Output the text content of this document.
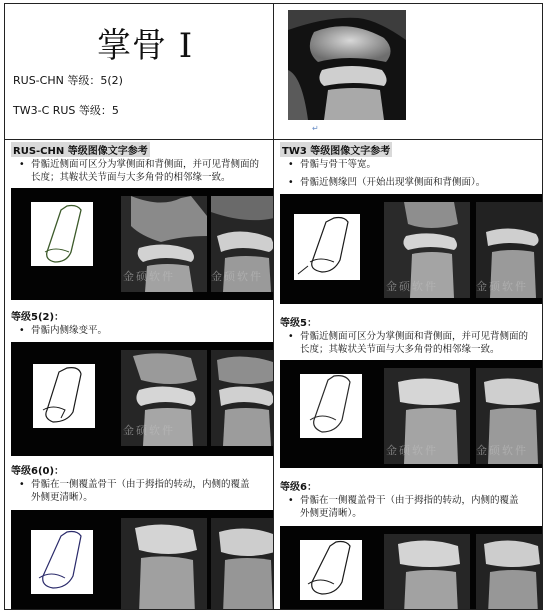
掌骨 I
RUS-CHN 等级：5(2)
TW3-C RUS 等级：5
↵
RUS-CHN 等级图像文字参考
• 骨骺近侧面可区分为掌侧面和背侧面，并可见背侧面的
长度；其鞍状关节面与大多角骨的相邻缘一致。
金硕软件	金硕软件
等级5(2)：
• 骨骺内侧缘变平。
金硕软件
等级6(0)：
• 骨骺在一侧覆盖骨干（由于拇指的转动，内侧的覆盖
外侧更清晰）。
TW3 等级图像文字参考
• 骨骺与骨干等宽。
• 骨骺近侧缘凹（开始出现掌侧面和背侧面）。
金硕软件	金硕软件
等级5：
• 骨骺近侧面可区分为掌侧面和背侧面，并可见背侧面的
长度；其鞍状关节面与大多角骨的相邻缘一致。
金硕软件	金硕软件
等级6：
• 骨骺在一侧覆盖骨干（由于拇指的转动，内侧的覆盖
外侧更清晰）。
